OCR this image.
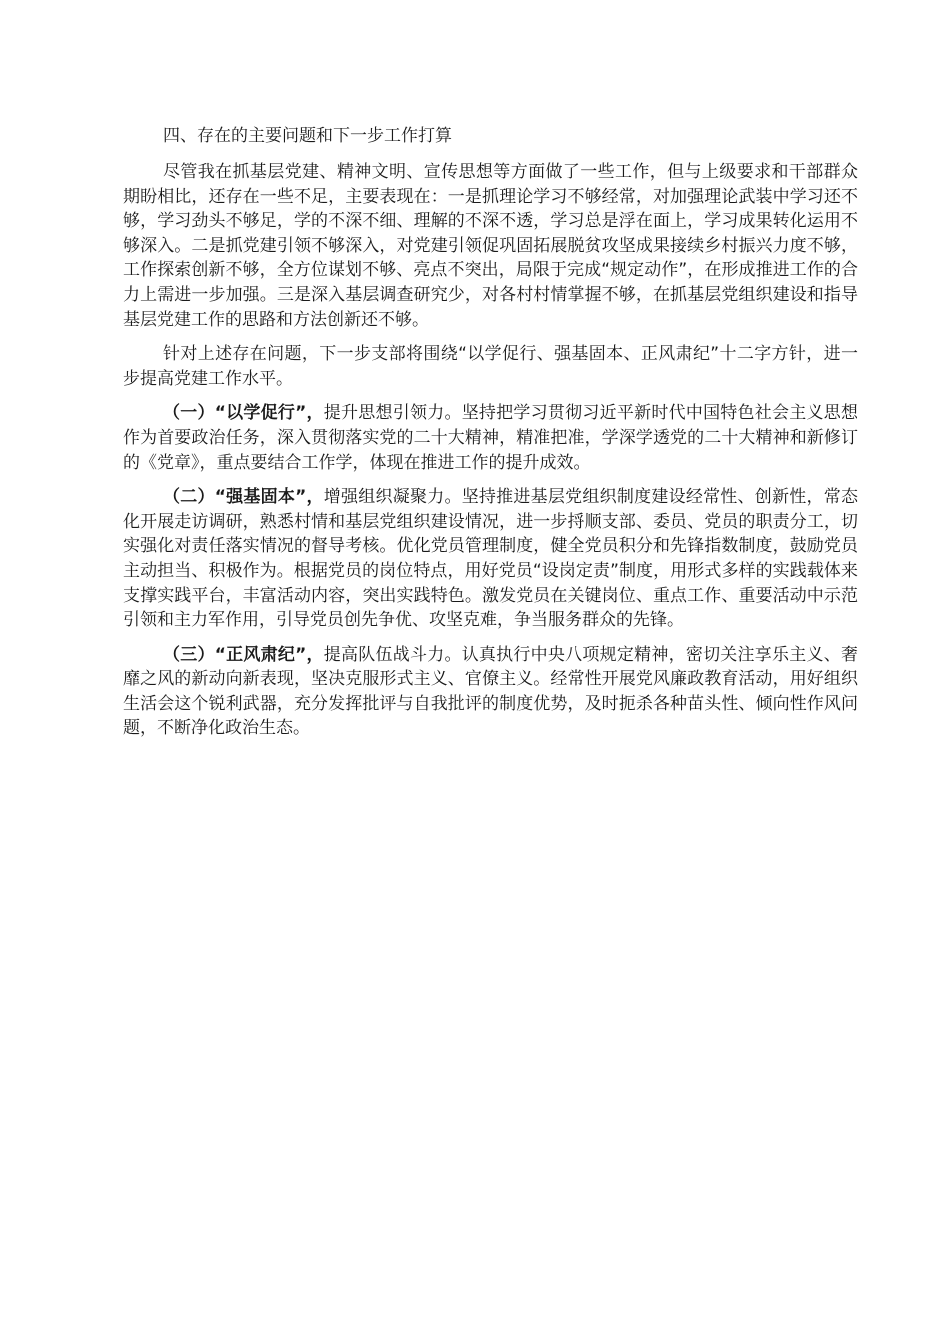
四、存在的主要问题和下一步工作打算

尽管我在抓基层党建、精神文明、宣传思想等方面做了一些工作，但与上级要求和干部群众期盼相比，还存在一些不足，主要表现在：一是抓理论学习不够经常，对加强理论武装中学习还不够，学习劲头不够足，学的不深不细、理解的不深不透，学习总是浮在面上，学习成果转化运用不够深入。二是抓党建引领不够深入，对党建引领促巩固拓展脱贫攻坚成果接续乡村振兴力度不够，工作探索创新不够，全方位谋划不够、亮点不突出，局限于完成“规定动作”，在形成推进工作的合力上需进一步加强。三是深入基层调查研究少，对各村村情掌握不够，在抓基层党组织建设和指导基层党建工作的思路和方法创新还不够。

针对上述存在问题，下一步支部将围绕“以学促行、强基固本、正风肃纪”十二字方针，进一步提高党建工作水平。

（一）“以学促行”，提升思想引领力。坚持把学习贯彻习近平新时代中国特色社会主义思想作为首要政治任务，深入贯彻落实党的二十大精神，精准把准，学深学透党的二十大精神和新修订的《党章》，重点要结合工作学，体现在推进工作的提升成效。

（二）“强基固本”，增强组织凝聚力。坚持推进基层党组织制度建设经常性、创新性，常态化开展走访调研，熟悉村情和基层党组织建设情况，进一步捋顺支部、委员、党员的职责分工，切实强化对责任落实情况的督导考核。优化党员管理制度，健全党员积分和先锋指数制度，鼓励党员主动担当、积极作为。根据党员的岗位特点，用好党员“设岗定责”制度，用形式多样的实践载体来支撑实践平台，丰富活动内容，突出实践特色。激发党员在关键岗位、重点工作、重要活动中示范引领和主力军作用，引导党员创先争优、攻坚克难，争当服务群众的先锋。

（三）“正风肃纪”，提高队伍战斗力。认真执行中央八项规定精神，密切关注享乐主义、奢靡之风的新动向新表现，坚决克服形式主义、官僚主义。经常性开展党风廉政教育活动，用好组织生活会这个锐利武器，充分发挥批评与自我批评的制度优势，及时扼杀各种苗头性、倾向性作风问题，不断净化政治生态。
